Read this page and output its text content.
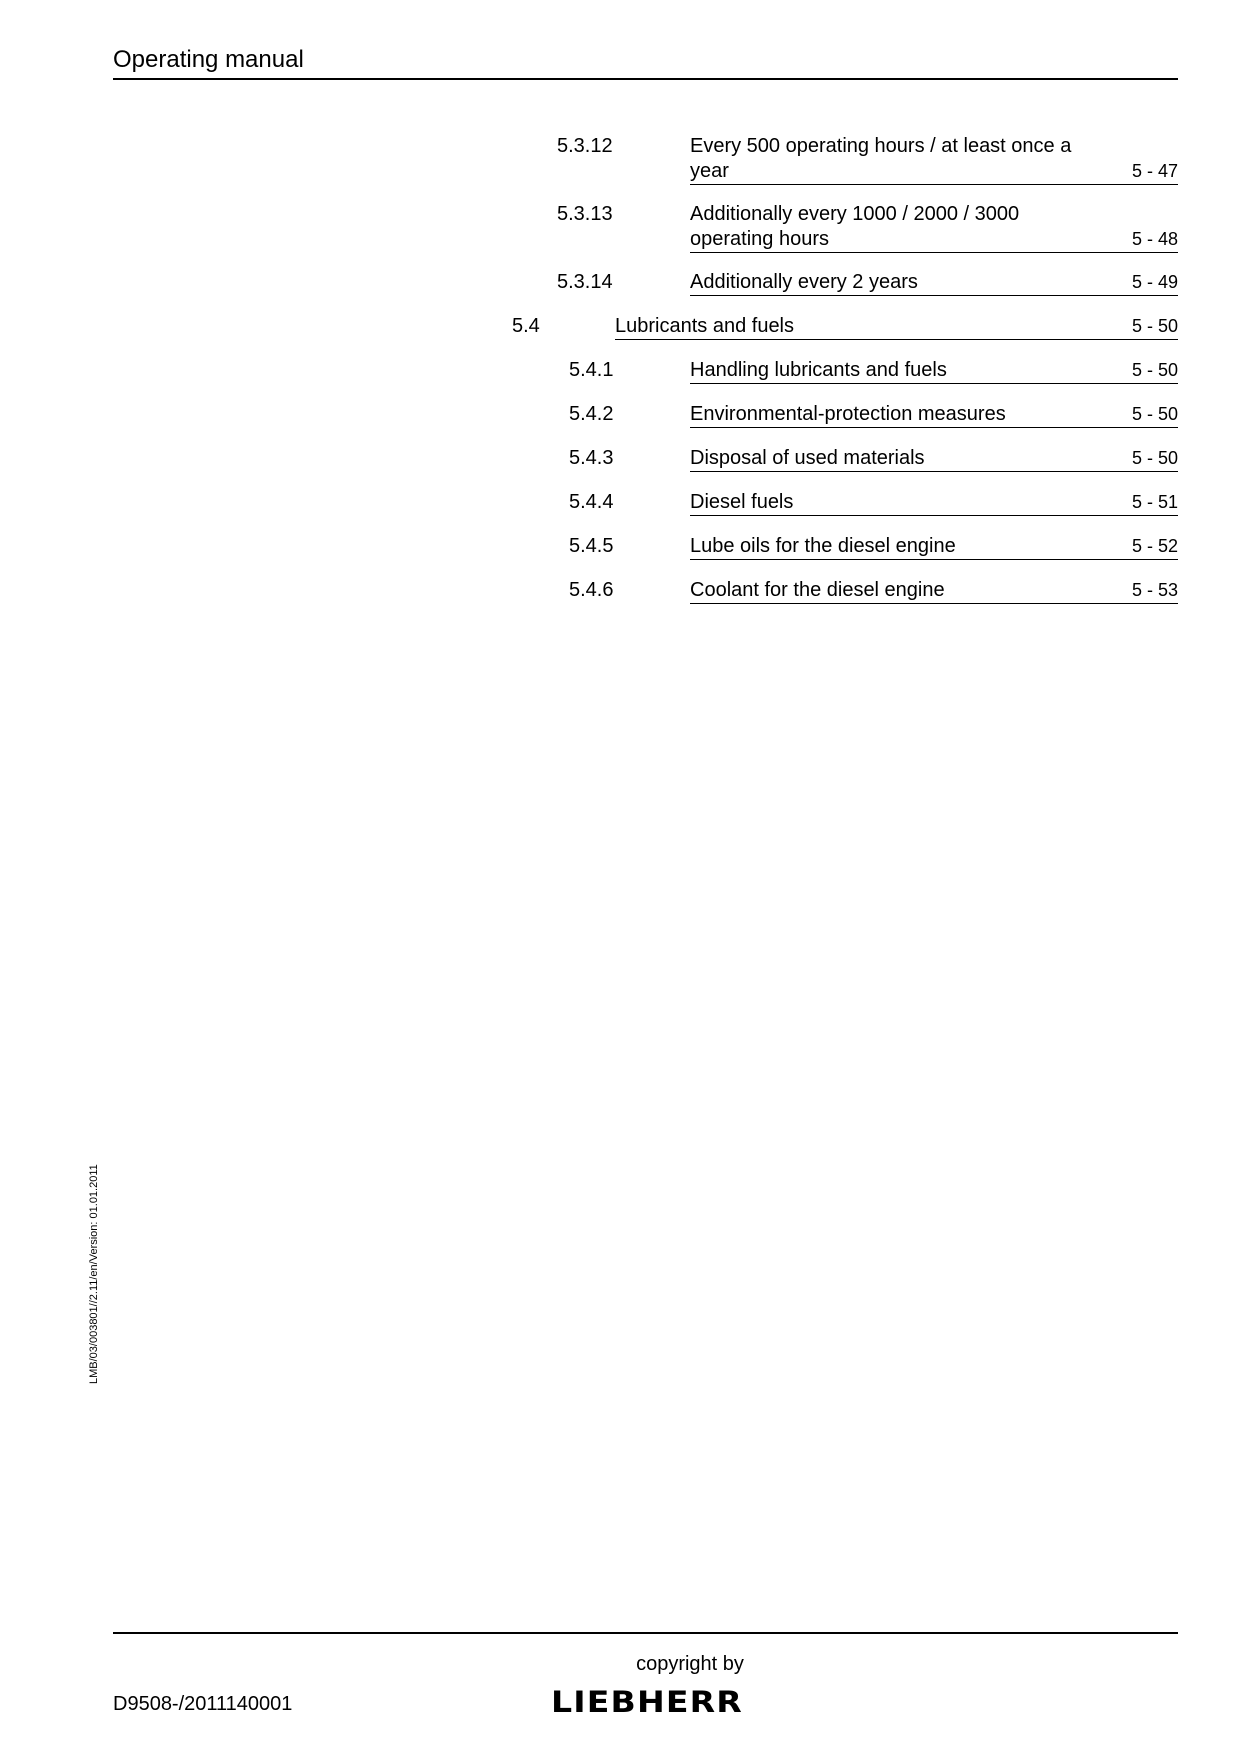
Operating manual
5.3.12	Every 500 operating hours / at least once a year	5 - 47
5.3.13	Additionally every 1000 / 2000 / 3000 operating hours	5 - 48
5.3.14	Additionally every 2 years	5 - 49
5.4	Lubricants and fuels	5 - 50
5.4.1	Handling lubricants and fuels	5 - 50
5.4.2	Environmental-protection measures	5 - 50
5.4.3	Disposal of used materials	5 - 50
5.4.4	Diesel fuels	5 - 51
5.4.5	Lube oils for the diesel engine	5 - 52
5.4.6	Coolant for the diesel engine	5 - 53
LMB/03/003801//2.11/en/Version: 01.01.2011
copyright by
LIEBHERR
D9508-/2011140001
